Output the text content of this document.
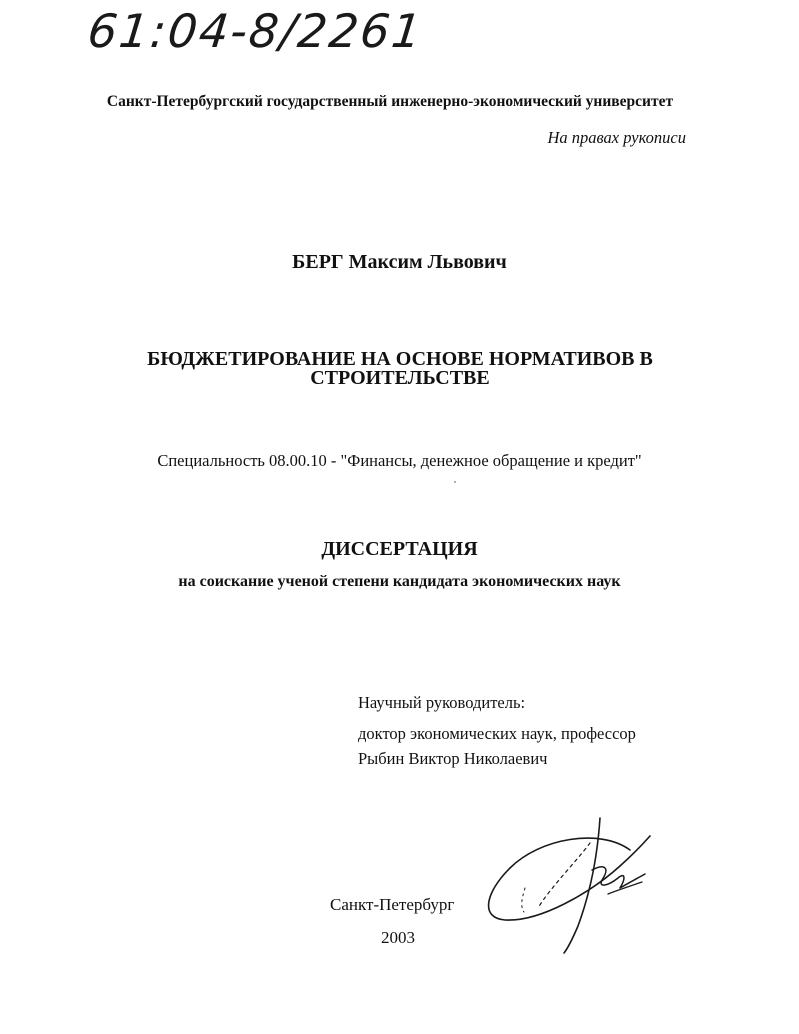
61:04-8/2261

Санкт-Петербургский государственный инженерно-экономический университет

На правах рукописи

БЕРГ Максим Львович

БЮДЖЕТИРОВАНИЕ НА ОСНОВЕ НОРМАТИВОВ В
СТРОИТЕЛЬСТВЕ

Специальность 08.00.10 - "Финансы, денежное обращение и кредит"

ДИССЕРТАЦИЯ

на соискание ученой степени кандидата экономических наук

Научный руководитель:
доктор экономических наук, профессор
Рыбин Виктор Николаевич

Санкт-Петербург

2003
